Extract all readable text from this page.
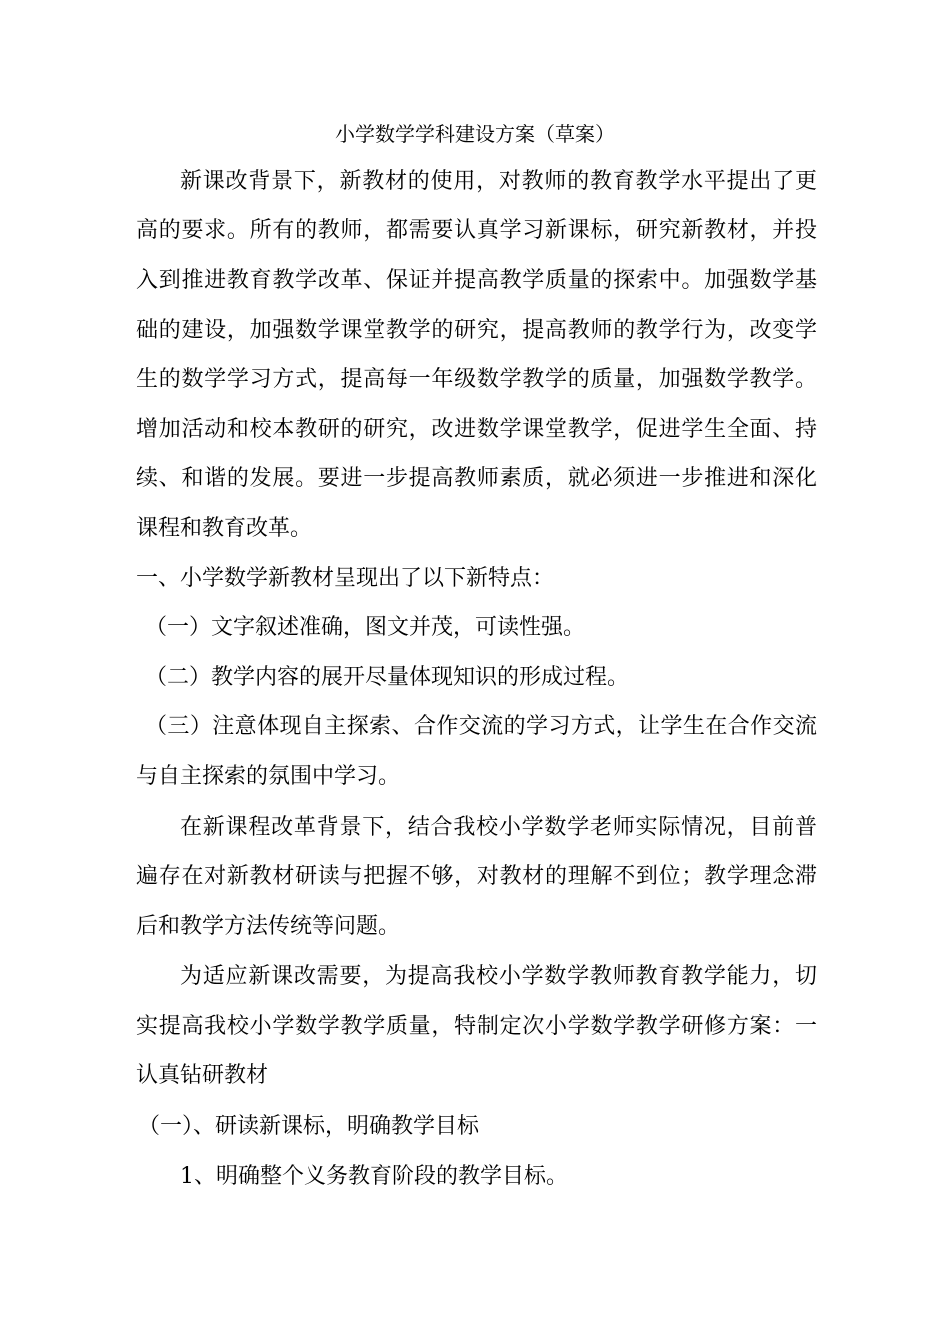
小学数学学科建设方案（草案）
新课改背景下，新教材的使用，对教师的教育教学水平提出了更
高的要求。所有的教师，都需要认真学习新课标，研究新教材，并投
入到推进教育教学改革、保证并提高教学质量的探索中。加强数学基
础的建设，加强数学课堂教学的研究，提高教师的教学行为，改变学
生的数学学习方式，提高每一年级数学教学的质量，加强数学教学。
增加活动和校本教研的研究，改进数学课堂教学，促进学生全面、持
续、和谐的发展。要进一步提高教师素质，就必须进一步推进和深化
课程和教育改革。
一、小学数学新教材呈现出了以下新特点：
（一）文字叙述准确，图文并茂，可读性强。
（二）教学内容的展开尽量体现知识的形成过程。
（三）注意体现自主探索、合作交流的学习方式，让学生在合作交流
与自主探索的氛围中学习。
在新课程改革背景下，结合我校小学数学老师实际情况，目前普
遍存在对新教材研读与把握不够，对教材的理解不到位；教学理念滞
后和教学方法传统等问题。
为适应新课改需要，为提高我校小学数学教师教育教学能力，切
实提高我校小学数学教学质量，特制定次小学数学教学研修方案：一
认真钻研教材
（一）、研读新课标，明确教学目标
1、明确整个义务教育阶段的教学目标。
